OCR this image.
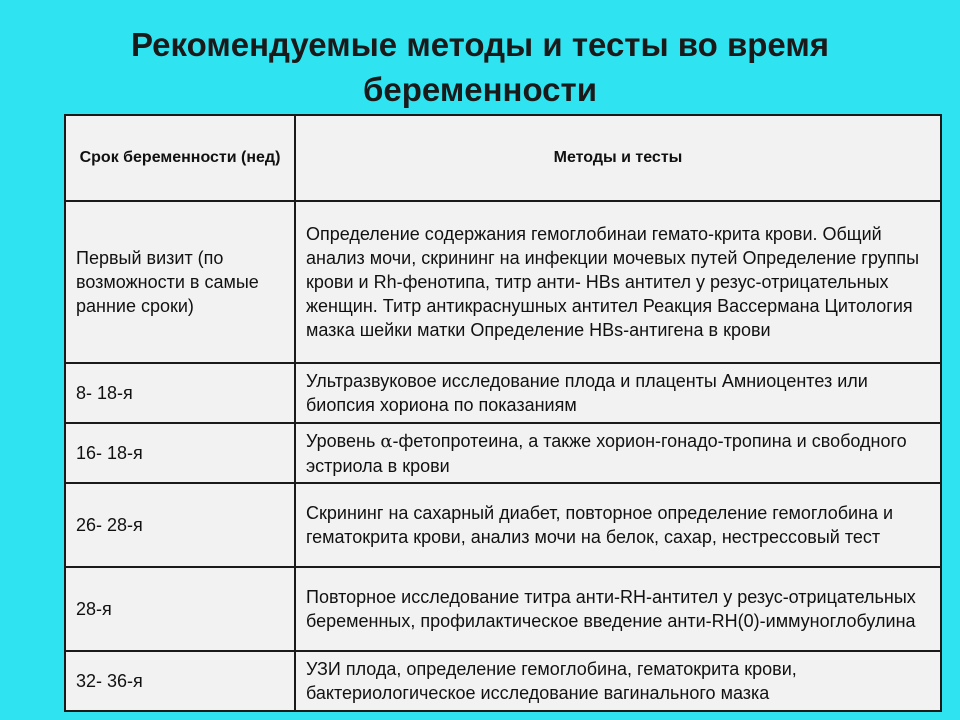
Рекомендуемые методы и тесты во время беременности
Срок беременности (нед)	Методы и тесты
Первый визит (по возможности в самые ранние сроки)	Определение содержания гемоглобинаи гемато-крита крови. Общий анализ мочи, скрининг на инфекции мочевых путей Определение группы крови и Rh-фенотипа, титр анти- HBs антител у резус-отрицательных женщин. Титр антикраснушных антител Реакция Вассермана Цитология мазка шейки матки Определение HBs-антигена в крови
8- 18-я	Ультразвуковое исследование плода и плаценты Амниоцентез или биопсия хориона по показаниям
16- 18-я	Уровень α-фетопротеина, а также хорион-гонадо-тропина и свободного эстриола в крови
26- 28-я	Скрининг на сахарный диабет, повторное определение гемоглобина и гематокрита крови, анализ мочи на белок, сахар, нестрессовый тест
28-я	Повторное исследование титра анти-RH-антител у резус-отрицательных беременных, профилактическое введение анти-RH(0)-иммуноглобулина
32- 36-я	УЗИ плода, определение гемоглобина, гематокрита крови, бактериологическое исследование вагинального мазка
